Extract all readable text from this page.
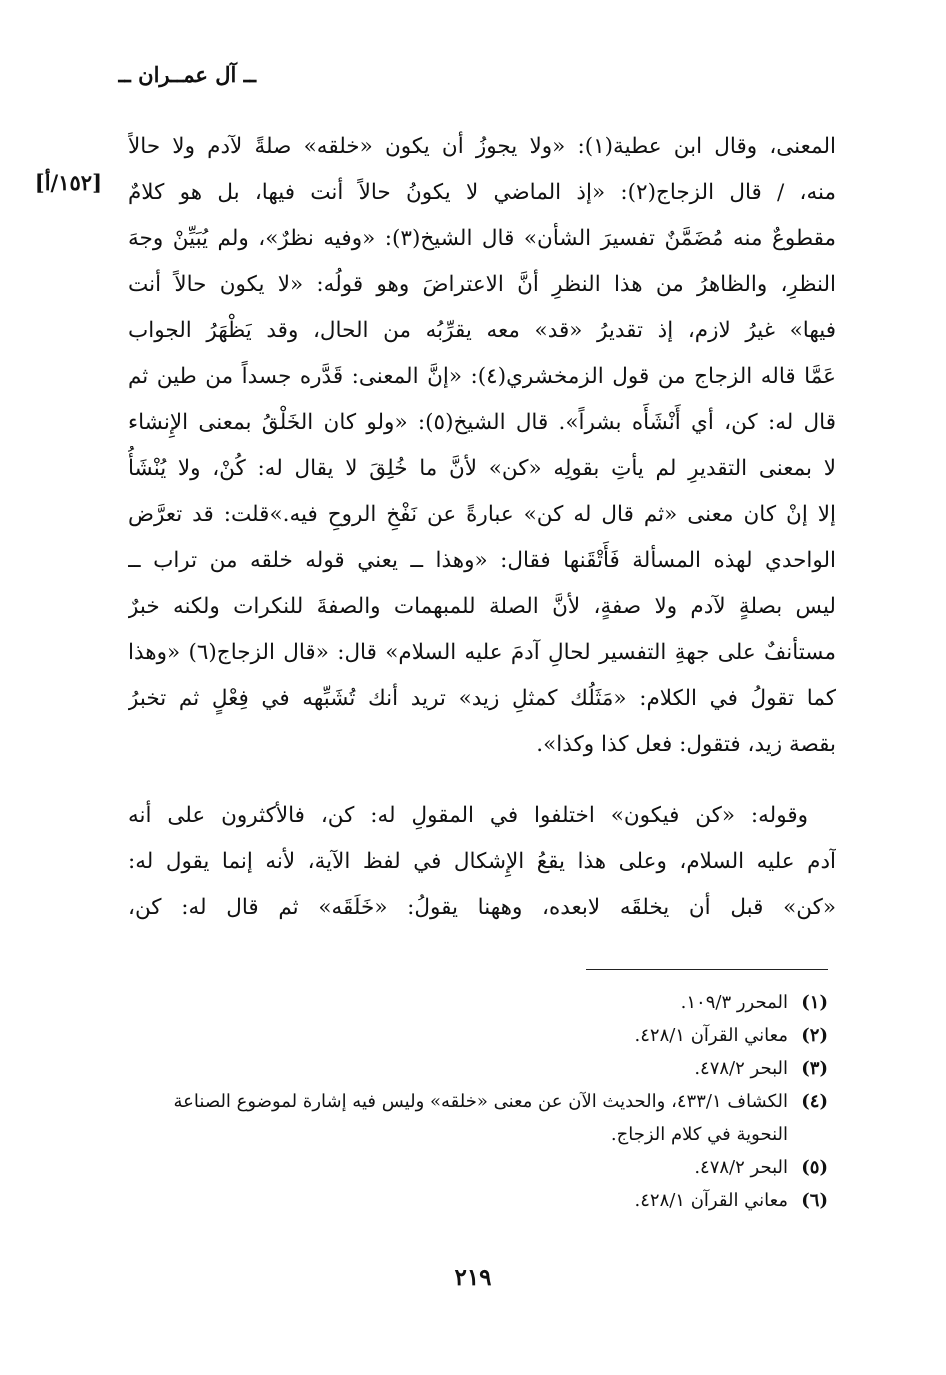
ــ آل عمــران ــ
[١٥٢/أ]
المعنى، وقال ابن عطية(١): «ولا يجوزُ أن يكون «خلقه» صلةً لآدم ولا حالاً
منه، / قال الزجاج(٢): «إذ الماضي لا يكونُ حالاً أنت فيها، بل هو كلامٌ
مقطوعٌ منه مُضَمَّنٌ تفسيرَ الشأن» قال الشيخ(٣): «وفيه نظرٌ»، ولم يُبَيِّنْ وجهَ
النظرِ، والظاهرُ من هذا النظرِ أنَّ الاعتراضَ وهو قولُه: «لا يكون حالاً أنت
فيها» غيرُ لازم، إذ تقديرُ «قد» معه يقرِّبُه من الحال، وقد يَظْهَرُ الجواب
عَمَّا قاله الزجاج من قول الزمخشري(٤): «إنَّ المعنى: قَدَّره جسداً من طين ثم
قال له: كن، أي أَنْشَأَه بشراً». قال الشيخ(٥): «ولو كان الخَلْقُ بمعنى الإِنشاء
لا بمعنى التقديرِ لم يأتِ بقولِه «كن» لأنَّ ما خُلِقَ لا يقال له: كُنْ، ولا يُنْشَأُ
إلا إنْ كان معنى «ثم قال له كن» عبارةً عن نَفْخِ الروحِ فيه.»قلت: قد تعرَّض
الواحدي لهذه المسألة فَأَتْقَنها فقال: «وهذا ــ يعني قوله خلقه من تراب ــ
ليس بصلةٍ لآدم ولا صفةٍ، لأنَّ الصلة للمبهمات والصفةَ للنكرات ولكنه خبرٌ
مستأنفٌ على جهةِ التفسير لحالِ آدمَ عليه السلام» قال: «قال الزجاج(٦) «وهذا
كما تقولُ في الكلام: «مَثَلُك كمثلِ زيد» تريد أنك تُشَبِّهه في فِعْلٍ ثم تخبرُ
بقصة زيد، فتقول: فعل كذا وكذا».
وقوله: «كن فيكون» اختلفوا في المقولِ له: كن، فالأكثرون على أنه
آدم عليه السلام، وعلى هذا يقعُ الإِشكال في لفظ الآية، لأنه إنما يقول له:
«كن» قبل أن يخلقَه لابعده، وههنا يقولُ: «خَلَقَه» ثم قال له: كن،
(١)المحرر ١٠٩/٣.
(٢)معاني القرآن ٤٢٨/١.
(٣)البحر ٤٧٨/٢.
(٤)الكشاف ٤٣٣/١، والحديث الآن عن معنى «خلقه» وليس فيه إشارة لموضوع الصناعة
النحوية في كلام الزجاج.
(٥)البحر ٤٧٨/٢.
(٦)معاني القرآن ٤٢٨/١.
٢١٩
